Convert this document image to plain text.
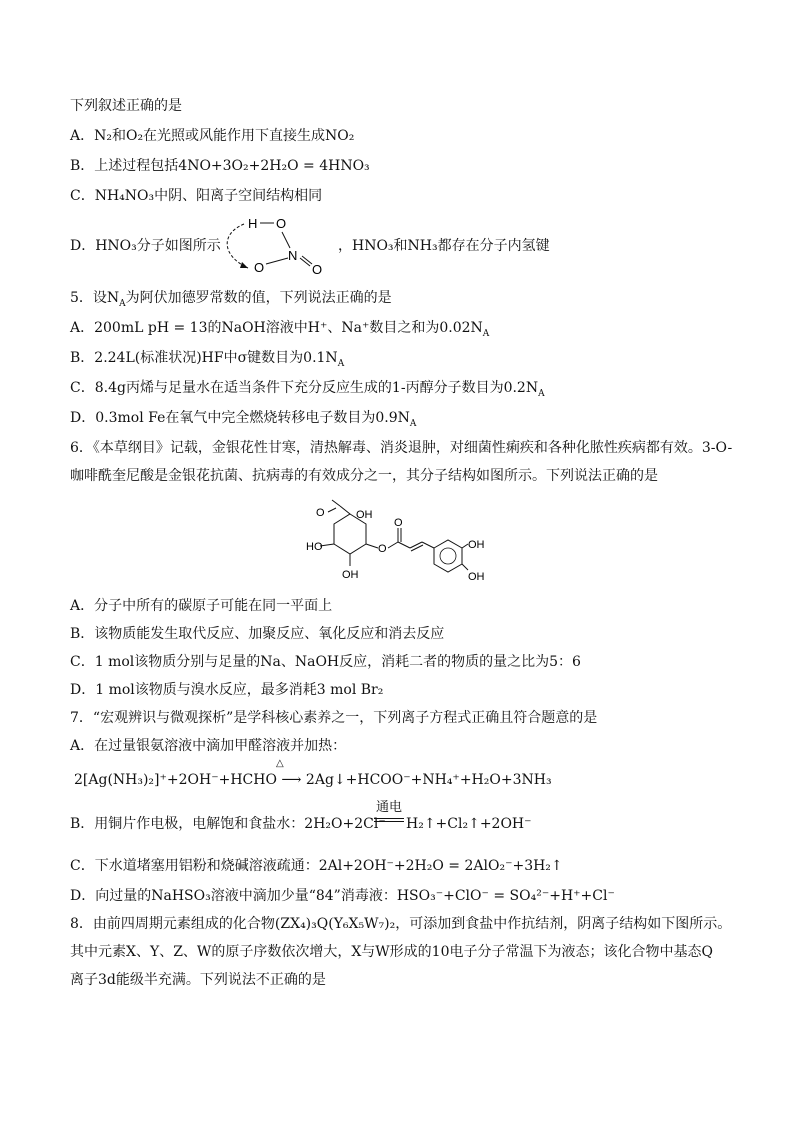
下列叙述正确的是
A．N₂和O₂在光照或风能作用下直接生成NO₂
B．上述过程包括4NO+3O₂+2H₂O = 4HNO₃
C．NH₄NO₃中阴、阳离子空间结构相同
D．HNO₃分子如图所示
H O
N
O	O
，HNO₃和NH₃都存在分子内氢键
5．设$N_A$为阿伏加德罗常数的值，下列说法正确的是
A．200mL pH = 13的NaOH溶液中H⁺、Na⁺数目之和为$0.02N_A$
B．2.24L(标准状况)HF中σ键数目为$0.1N_A$
C．8.4g丙烯与足量水在适当条件下充分反应生成的1-丙醇分子数目为$0.2N_A$
D．0.3mol Fe在氧气中完全燃烧转移电子数目为$0.9N_A$
6．《本草纲目》记载，金银花性甘寒，清热解毒、消炎退肿，对细菌性痢疾和各种化脓性疾病都有效。3-O-
咖啡酰奎尼酸是金银花抗菌、抗病毒的有效成分之一，其分子结构如图所示。下列说法正确的是
O	OH
HO
OH
O
O
OH
OH
A．分子中所有的碳原子可能在同一平面上
B．该物质能发生取代反应、加聚反应、氧化反应和消去反应
C．1 mol该物质分别与足量的Na、NaOH反应，消耗二者的物质的量之比为5：6
D．1 mol该物质与溴水反应，最多消耗3 mol Br₂
7．“宏观辨识与微观探析”是学科核心素养之一，下列离子方程式正确且符合题意的是
A．在过量银氨溶液中滴加甲醛溶液并加热：
2[Ag(NH₃)₂]⁺+2OH⁻+HCHO ⟶ 2Ag↓+HCOO⁻+NH₄⁺+H₂O+3NH₃
△
B．用铜片作电极，电解饱和食盐水：2H₂O+2Cl⁻
通电
H₂↑+Cl₂↑+2OH⁻
C．下水道堵塞用铝粉和烧碱溶液疏通：2Al+2OH⁻+2H₂O = 2AlO₂⁻+3H₂↑
D．向过量的NaHSO₃溶液中滴加少量“84”消毒液：HSO₃⁻+ClO⁻ = SO₄²⁻+H⁺+Cl⁻
8．由前四周期元素组成的化合物(ZX₄)₃Q(Y₆X₅W₇)₂，可添加到食盐中作抗结剂，阴离子结构如下图所示。
其中元素X、Y、Z、W的原子序数依次增大，X与W形成的10电子分子常温下为液态；该化合物中基态Q
离子3d能级半充满。下列说法不正确的是
